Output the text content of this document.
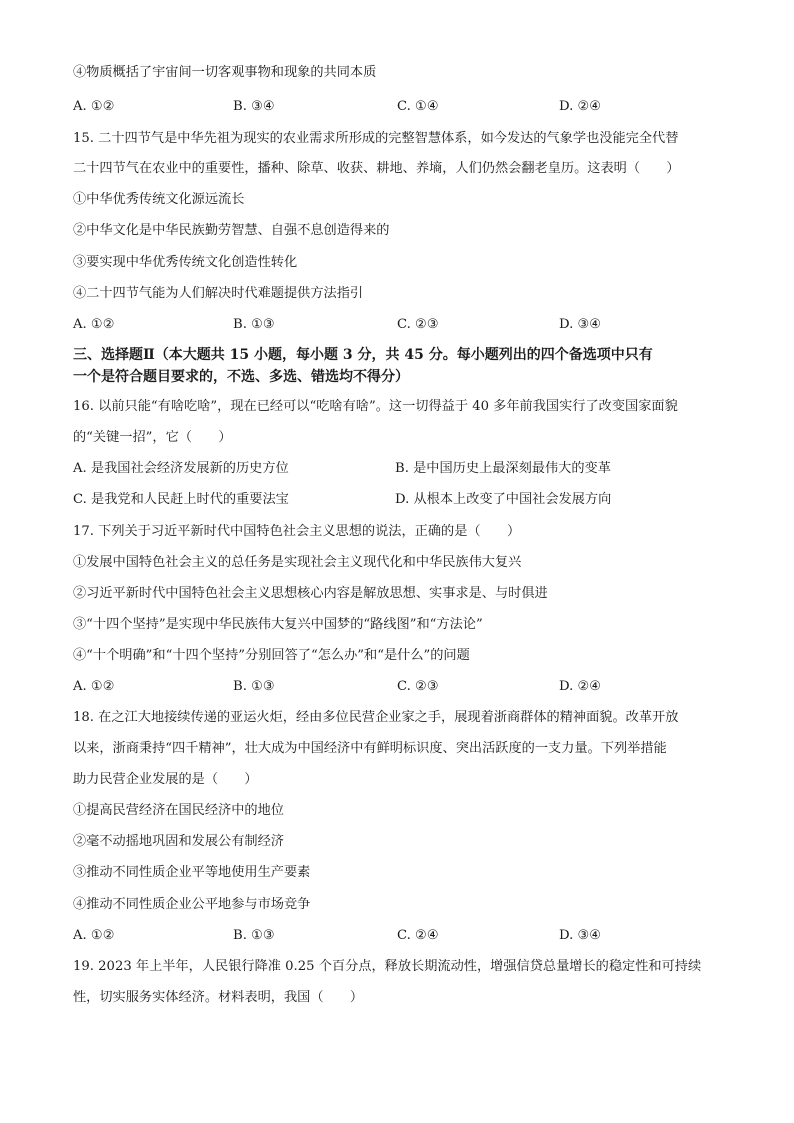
④物质概括了宇宙间一切客观事物和现象的共同本质
A. ①②	B. ③④	C. ①④	D. ②④
15. 二十四节气是中华先祖为现实的农业需求所形成的完整智慧体系，如今发达的气象学也没能完全代替
二十四节气在农业中的重要性，播种、除草、收获、耕地、养墒，人们仍然会翻老皇历。这表明（　　）
①中华优秀传统文化源远流长
②中华文化是中华民族勤劳智慧、自强不息创造得来的
③要实现中华优秀传统文化创造性转化
④二十四节气能为人们解决时代难题提供方法指引
A. ①②	B. ①③	C. ②③	D. ③④
三、选择题Ⅱ（本大题共 15 小题，每小题 3 分，共 45 分。每小题列出的四个备选项中只有
一个是符合题目要求的，不选、多选、错选均不得分）
16. 以前只能“有啥吃啥”，现在已经可以“吃啥有啥”。这一切得益于 40 多年前我国实行了改变国家面貌
的“关键一招”，它（　　）
A. 是我国社会经济发展新的历史方位	B. 是中国历史上最深刻最伟大的变革
C. 是我党和人民赶上时代的重要法宝	D. 从根本上改变了中国社会发展方向
17. 下列关于习近平新时代中国特色社会主义思想的说法，正确的是（　　）
①发展中国特色社会主义的总任务是实现社会主义现代化和中华民族伟大复兴
②习近平新时代中国特色社会主义思想核心内容是解放思想、实事求是、与时俱进
③“十四个坚持”是实现中华民族伟大复兴中国梦的“路线图”和“方法论”
④“十个明确”和“十四个坚持”分别回答了“怎么办”和“是什么”的问题
A. ①②	B. ①③	C. ②③	D. ②④
18. 在之江大地接续传递的亚运火炬，经由多位民营企业家之手，展现着浙商群体的精神面貌。改革开放
以来，浙商秉持“四千精神”，壮大成为中国经济中有鲜明标识度、突出活跃度的一支力量。下列举措能
助力民营企业发展的是（　　）
①提高民营经济在国民经济中的地位
②毫不动摇地巩固和发展公有制经济
③推动不同性质企业平等地使用生产要素
④推动不同性质企业公平地参与市场竞争
A. ①②	B. ①③	C. ②④	D. ③④
19. 2023 年上半年，人民银行降准 0.25 个百分点，释放长期流动性，增强信贷总量增长的稳定性和可持续
性，切实服务实体经济。材料表明，我国（　　）
